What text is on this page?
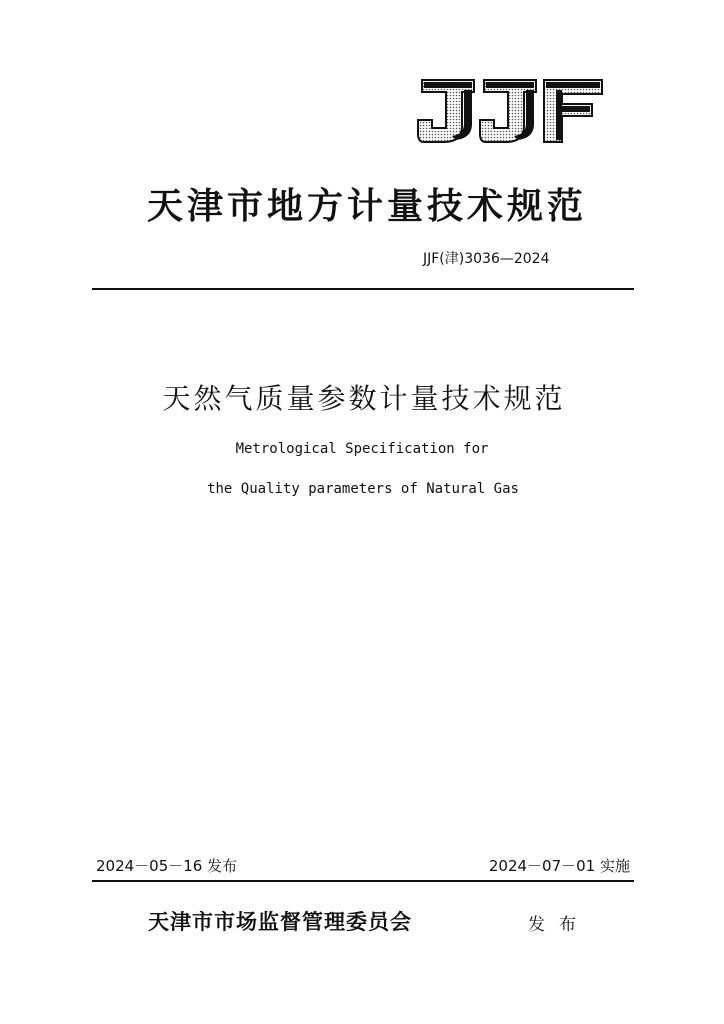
天津市地方计量技术规范
JJF(津)3036—2024
天然气质量参数计量技术规范
Metrological Specification for
the Quality parameters of Natural Gas
2024－05－16 发布	2024－07－01 实施
天津市市场监督管理委员会	发布
